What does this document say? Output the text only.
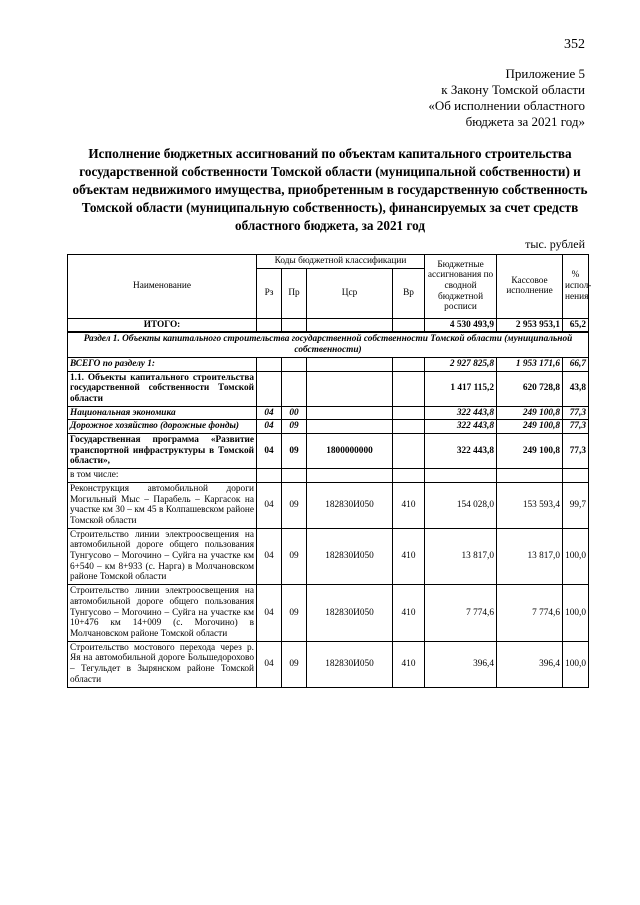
352
Приложение 5
к Закону Томской области
«Об исполнении областного
бюджета за 2021 год»
Исполнение бюджетных ассигнований по объектам капитального строительства государственной собственности Томской области (муниципальной собственности) и объектам недвижимого имущества, приобретенным в государственную собственность Томской области (муниципальную собственность), финансируемых за счет средств областного бюджета, за 2021 год
тыс. рублей
Наименование	Коды бюджетной классификации				Бюджетные ассигнования по сводной бюджетной росписи	Кассовое исполнение	% испол-нения
	Рз	Пр	Цср	Вр			
ИТОГО:					4 530 493,9	2 953 953,1	65,2
Раздел 1. Объекты капитального строительства государственной собственности Томской области (муниципальной собственности)							
ВСЕГО по разделу 1:					2 927 825,8	1 953 171,6	66,7
1.1. Объекты капитального строительства государственной собственности Томской области					1 417 115,2	620 728,8	43,8
Национальная экономика	04	00			322 443,8	249 100,8	77,3
Дорожное хозяйство (дорожные фонды)	04	09			322 443,8	249 100,8	77,3
Государственная программа «Развитие транспортной инфраструктуры в Томской области»,	04	09	1800000000		322 443,8	249 100,8	77,3
в том числе:							
Реконструкция автомобильной дороги Могильный Мыс – Парабель – Каргасок на участке км 30 – км 45 в Колпашевском районе Томской области	04	09	182830И050	410	154 028,0	153 593,4	99,7
Строительство линии электроосвещения на автомобильной дороге общего пользования Тунгусово – Могочино – Суйга на участке км 6+540 – км 8+933 (с. Нарга) в Молчановском районе Томской области	04	09	182830И050	410	13 817,0	13 817,0	100,0
Строительство линии электроосвещения на автомобильной дороге общего пользования Тунгусово – Могочино – Суйга на участке км 10+476 км 14+009 (с. Могочино) в Молчановском районе Томской области	04	09	182830И050	410	7 774,6	7 774,6	100,0
Строительство мостового перехода через р. Яя на автомобильной дороге Большедорохово – Тегульдет в Зырянском районе Томской области	04	09	182830И050	410	396,4	396,4	100,0
